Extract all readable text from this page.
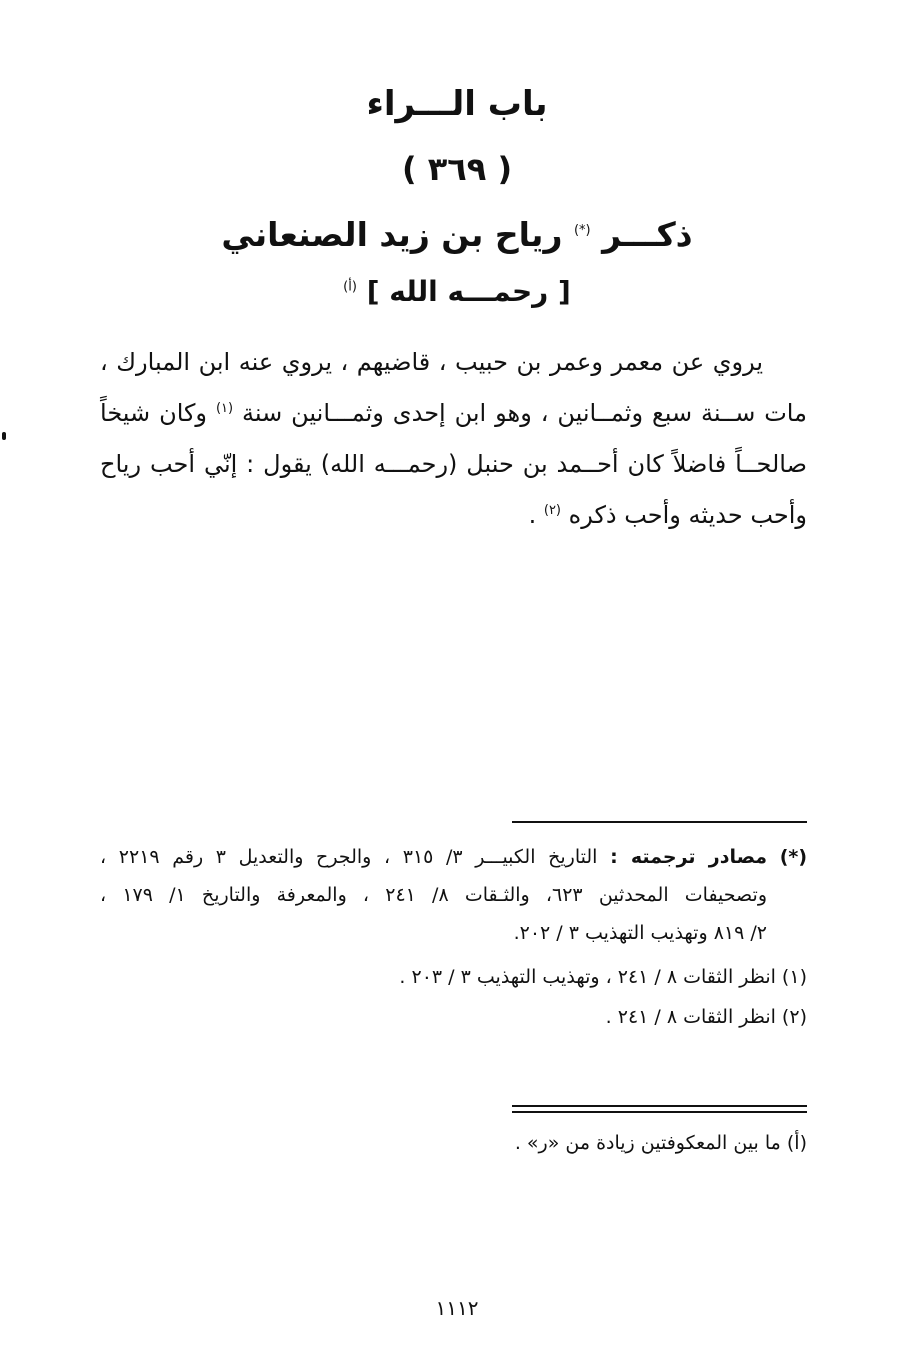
باب الـــراء
( ٣٦٩ )
ذكـــر (*) رياح بن زيد الصنعاني
[ رحمـــه الله ] $^{(أ)}$
يروي عن معمر وعمر بن حبيب ، قاضيهم ، يروي عنه ابن المبارك ،
مات ســنة سبع وثمــانين ، وهو ابن إحدى وثمـــانين سنة $^{(١)}$ وكان شيخاً
صالحــاً فاضلاً كان أحــمد بن حنبل (رحمـــه الله) يقول : إنّي أحب رياح
وأحب حديثه وأحب ذكره $^{(٢)}$ .
(*) مصادر ترجمته : التاريخ الكبيـــر ٣/ ٣١٥ ، والجرح والتعديل ٣ رقم ٢٢١٩ ،
وتصحيفات المحدثين ٦٢٣، والثـقات ٨/ ٢٤١ ، والمعرفة والتاريخ ١/ ١٧٩ ،
٢/ ٨١٩ وتهذيب التهذيب ٣ / ٢٠٢.
(١) انظر الثقات ٨ / ٢٤١ ، وتهذيب التهذيب ٣ / ٢٠٣ .
(٢) انظر الثقات ٨ / ٢٤١ .
(أ) ما بين المعكوفتين زيادة من «ر» .
١١١٢
